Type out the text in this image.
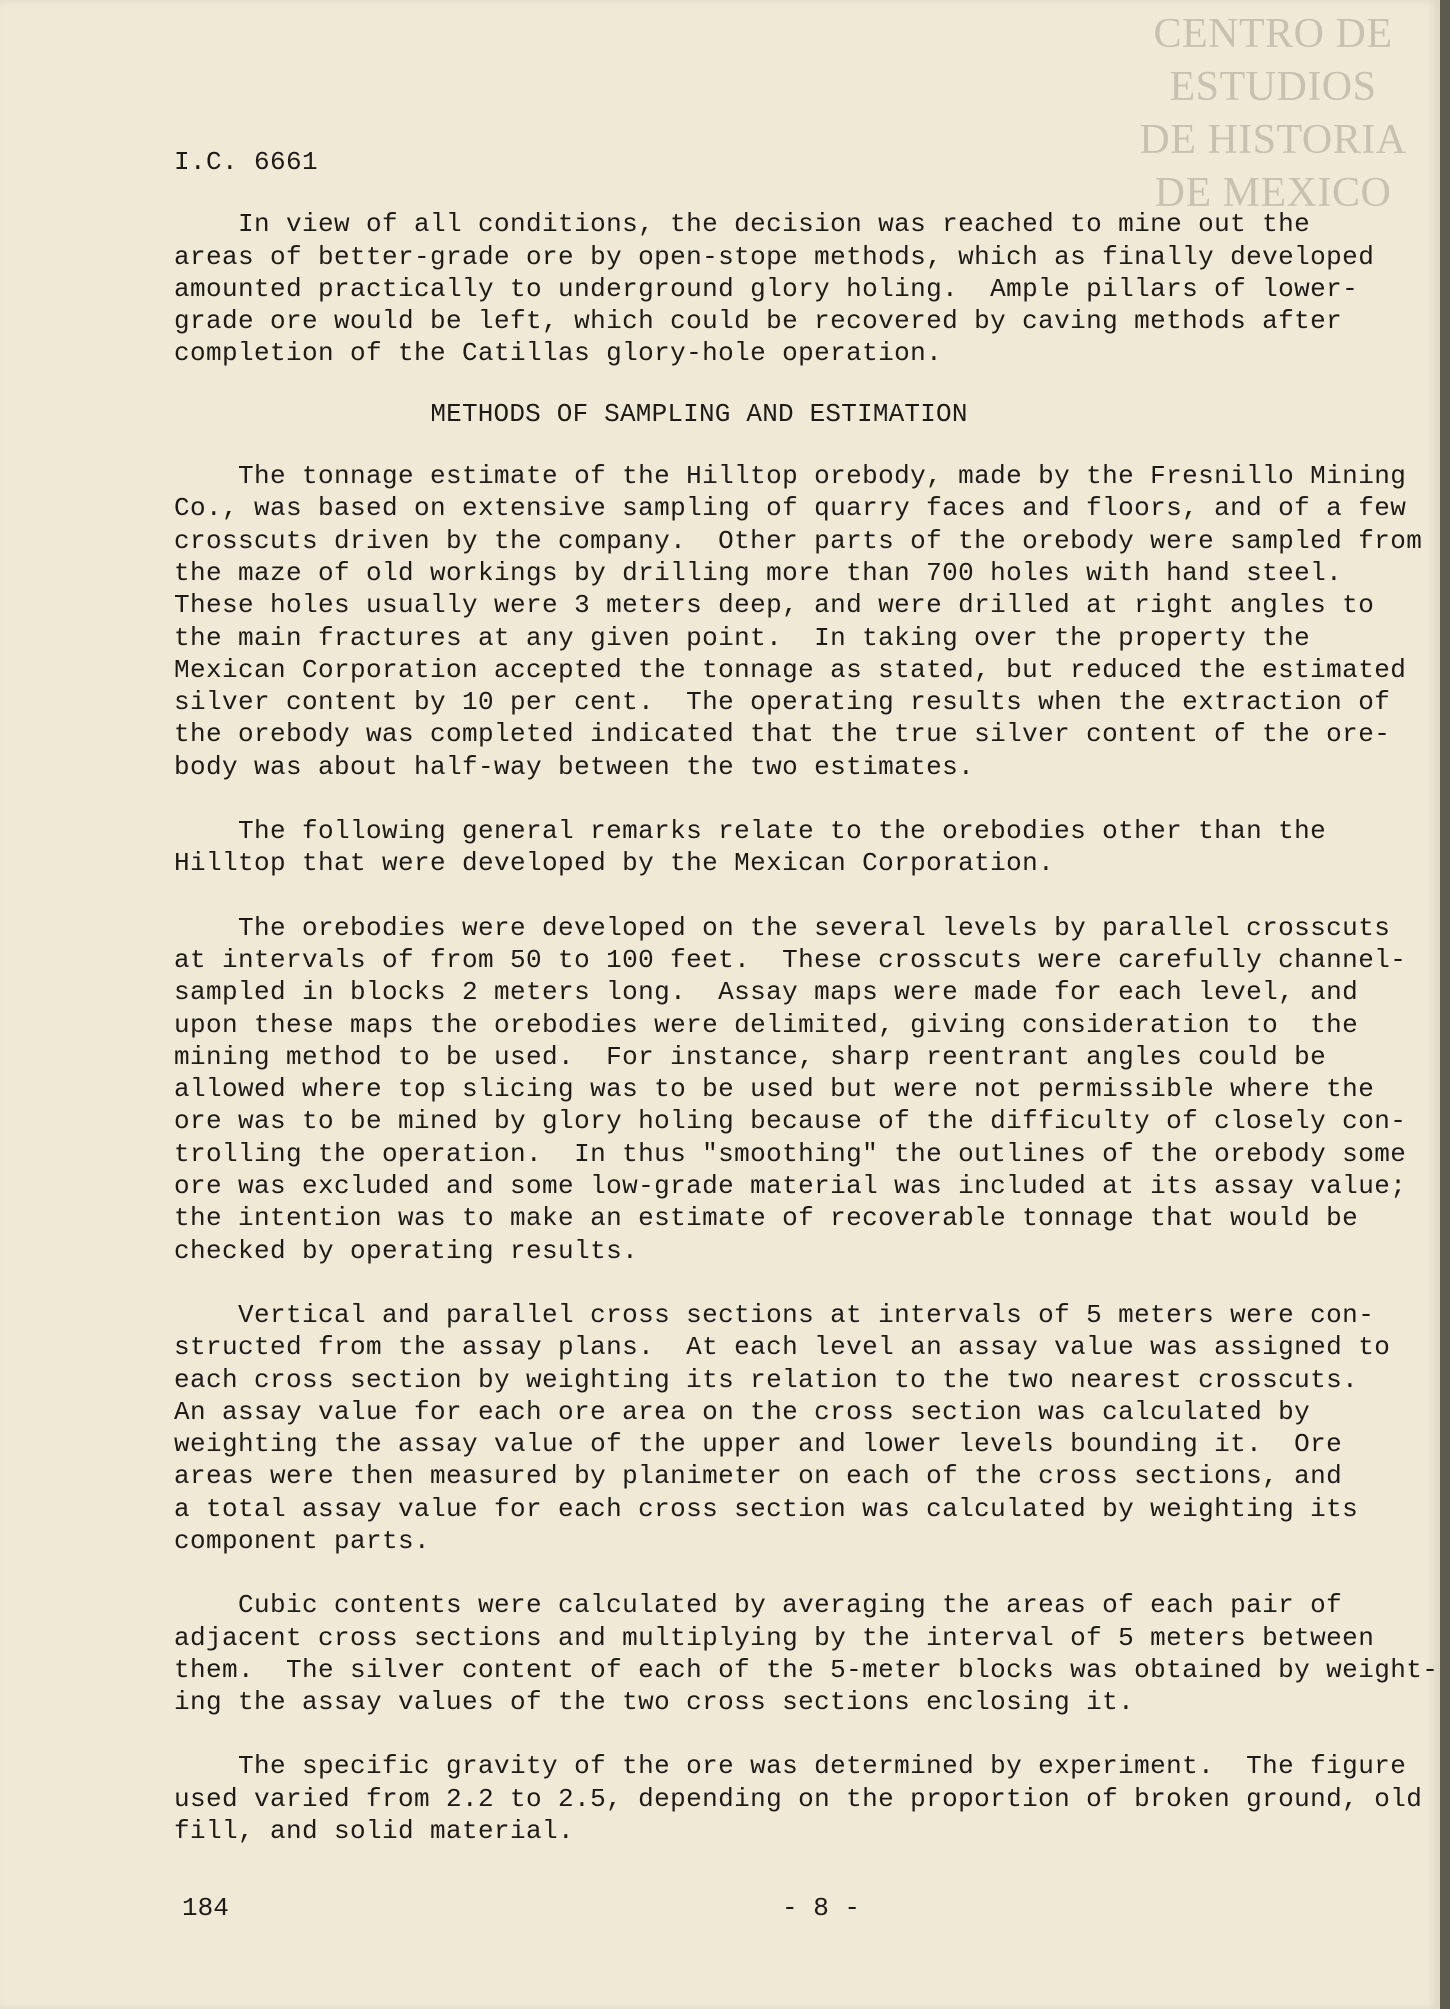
CENTRO DE
ESTUDIOS
DE HISTORIA
DE MEXICO
I.C. 6661
In view of all conditions, the decision was reached to mine out the
areas of better-grade ore by open-stope methods, which as finally developed
amounted practically to underground glory holing.  Ample pillars of lower-
grade ore would be left, which could be recovered by caving methods after
completion of the Catillas glory-hole operation.
METHODS OF SAMPLING AND ESTIMATION
The tonnage estimate of the Hilltop orebody, made by the Fresnillo Mining
Co., was based on extensive sampling of quarry faces and floors, and of a few
crosscuts driven by the company.  Other parts of the orebody were sampled from
the maze of old workings by drilling more than 700 holes with hand steel.
These holes usually were 3 meters deep, and were drilled at right angles to
the main fractures at any given point.  In taking over the property the
Mexican Corporation accepted the tonnage as stated, but reduced the estimated
silver content by 10 per cent.  The operating results when the extraction of
the orebody was completed indicated that the true silver content of the ore-
body was about half-way between the two estimates.
The following general remarks relate to the orebodies other than the
Hilltop that were developed by the Mexican Corporation.
The orebodies were developed on the several levels by parallel crosscuts
at intervals of from 50 to 100 feet.  These crosscuts were carefully channel-
sampled in blocks 2 meters long.  Assay maps were made for each level, and
upon these maps the orebodies were delimited, giving consideration to  the
mining method to be used.  For instance, sharp reentrant angles could be
allowed where top slicing was to be used but were not permissible where the
ore was to be mined by glory holing because of the difficulty of closely con-
trolling the operation.  In thus "smoothing" the outlines of the orebody some
ore was excluded and some low-grade material was included at its assay value;
the intention was to make an estimate of recoverable tonnage that would be
checked by operating results.
Vertical and parallel cross sections at intervals of 5 meters were con-
structed from the assay plans.  At each level an assay value was assigned to
each cross section by weighting its relation to the two nearest crosscuts.
An assay value for each ore area on the cross section was calculated by
weighting the assay value of the upper and lower levels bounding it.  Ore
areas were then measured by planimeter on each of the cross sections, and
a total assay value for each cross section was calculated by weighting its
component parts.
Cubic contents were calculated by averaging the areas of each pair of
adjacent cross sections and multiplying by the interval of 5 meters between
them.  The silver content of each of the 5-meter blocks was obtained by weight-
ing the assay values of the two cross sections enclosing it.
The specific gravity of the ore was determined by experiment.  The figure
used varied from 2.2 to 2.5, depending on the proportion of broken ground, old
fill, and solid material.
184	- 8 -
